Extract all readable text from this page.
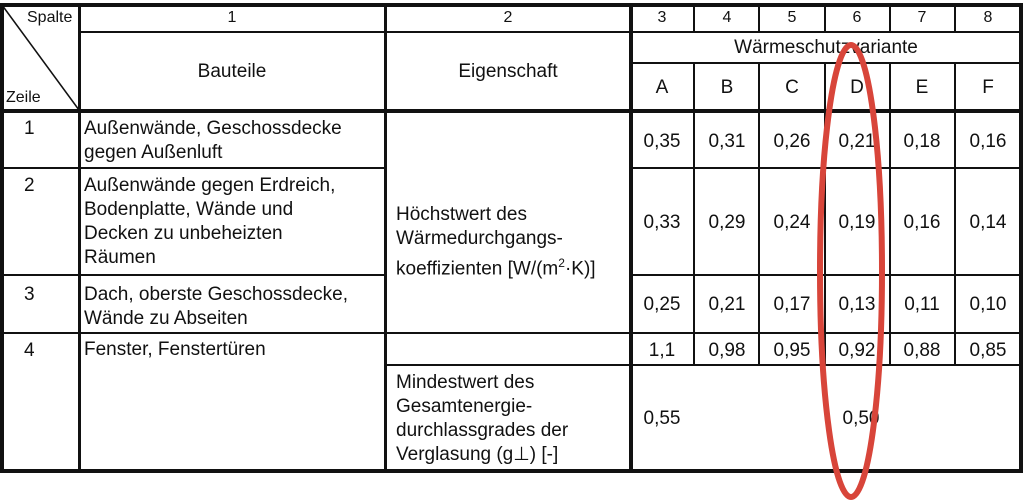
Spalte
Zeile
1	2	3	4	5	6	7	8
Bauteile	Eigenschaft
Wärmeschutzvariante
A	B	C	D	E	F
1	Außenwände, Geschossdecke
gegen Außenluft
0,35 0,31 0,26 0,21 0,18 0,16
2	Außenwände gegen Erdreich,
Bodenplatte, Wände und
Decken zu unbeheizten
Räumen
0,33 0,29 0,24 0,19 0,16 0,14
Höchstwert des
Wärmedurchgangs-
koeffizienten $[W/(m^2\cdot K)]$
3	Dach, oberste Geschossdecke,
Wände zu Abseiten
0,25 0,21 0,17 0,13 0,11 0,10
4	Fenster, Fenstertüren	1,1 0,98 0,95 0,92 0,88 0,85
Mindestwert des
Gesamtenergie-
durchlassgrades der
Verglasung (g⊥) [-]
0,55	0,50
